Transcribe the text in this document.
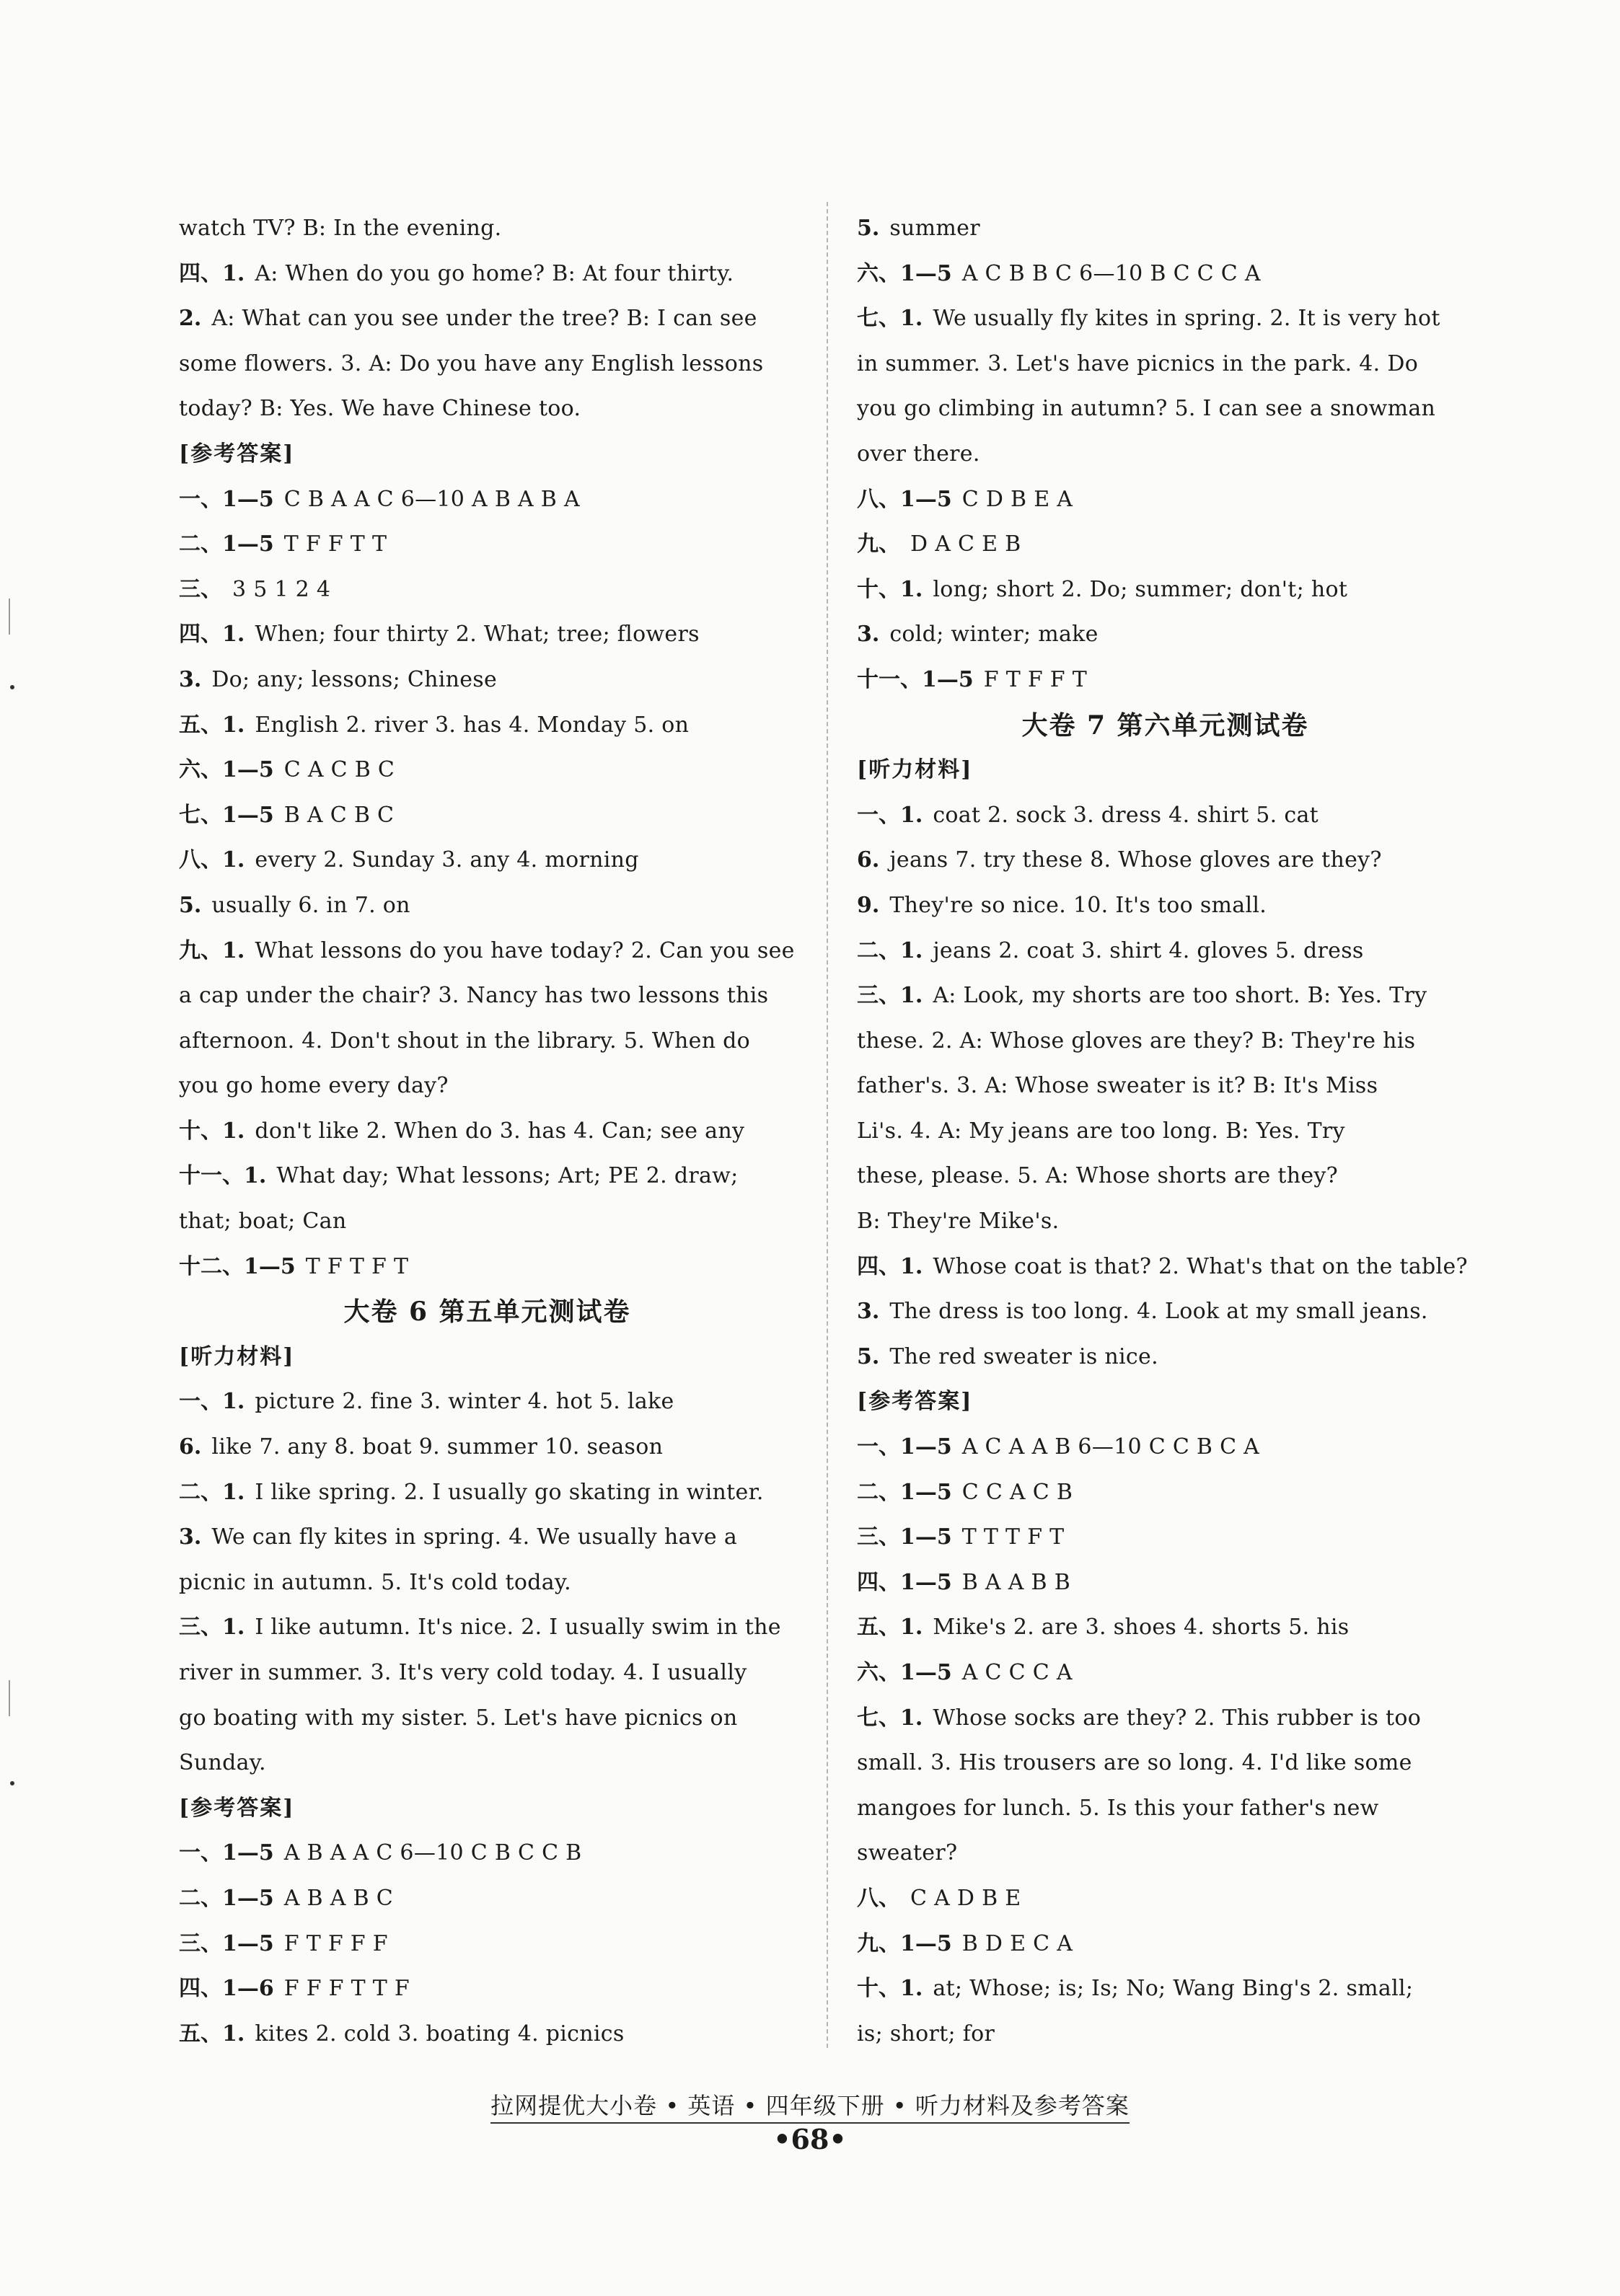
watch TV? B: In the evening.
四、1. A: When do you go home? B: At four thirty.
2. A: What can you see under the tree? B: I can see
some flowers. 3. A: Do you have any English lessons
today? B: Yes. We have Chinese too.
[参考答案]
一、1—5 C B A A C 6—10 A B A B A
二、1—5 T F F T T
三、 3 5 1 2 4
四、1. When; four thirty 2. What; tree; flowers
3. Do; any; lessons; Chinese
五、1. English 2. river 3. has 4. Monday 5. on
六、1—5 C A C B C
七、1—5 B A C B C
八、1. every 2. Sunday 3. any 4. morning
5. usually 6. in 7. on
九、1. What lessons do you have today? 2. Can you see
a cap under the chair? 3. Nancy has two lessons this
afternoon. 4. Don't shout in the library. 5. When do
you go home every day?
十、1. don't like 2. When do 3. has 4. Can; see any
十一、1. What day; What lessons; Art; PE 2. draw;
that; boat; Can
十二、1—5 T F T F T
大卷 6 第五单元测试卷
[听力材料]
一、1. picture 2. fine 3. winter 4. hot 5. lake
6. like 7. any 8. boat 9. summer 10. season
二、1. I like spring. 2. I usually go skating in winter.
3. We can fly kites in spring. 4. We usually have a
picnic in autumn. 5. It's cold today.
三、1. I like autumn. It's nice. 2. I usually swim in the
river in summer. 3. It's very cold today. 4. I usually
go boating with my sister. 5. Let's have picnics on
Sunday.
[参考答案]
一、1—5 A B A A C 6—10 C B C C B
二、1—5 A B A B C
三、1—5 F T F F F
四、1—6 F F F T T F
五、1. kites 2. cold 3. boating 4. picnics
5. summer
六、1—5 A C B B C 6—10 B C C C A
七、1. We usually fly kites in spring. 2. It is very hot
in summer. 3. Let's have picnics in the park. 4. Do
you go climbing in autumn? 5. I can see a snowman
over there.
八、1—5 C D B E A
九、 D A C E B
十、1. long; short 2. Do; summer; don't; hot
3. cold; winter; make
十一、1—5 F T F F T
大卷 7 第六单元测试卷
[听力材料]
一、1. coat 2. sock 3. dress 4. shirt 5. cat
6. jeans 7. try these 8. Whose gloves are they?
9. They're so nice. 10. It's too small.
二、1. jeans 2. coat 3. shirt 4. gloves 5. dress
三、1. A: Look, my shorts are too short. B: Yes. Try
these. 2. A: Whose gloves are they? B: They're his
father's. 3. A: Whose sweater is it? B: It's Miss
Li's. 4. A: My jeans are too long. B: Yes. Try
these, please. 5. A: Whose shorts are they?
B: They're Mike's.
四、1. Whose coat is that? 2. What's that on the table?
3. The dress is too long. 4. Look at my small jeans.
5. The red sweater is nice.
[参考答案]
一、1—5 A C A A B 6—10 C C B C A
二、1—5 C C A C B
三、1—5 T T T F T
四、1—5 B A A B B
五、1. Mike's 2. are 3. shoes 4. shorts 5. his
六、1—5 A C C C A
七、1. Whose socks are they? 2. This rubber is too
small. 3. His trousers are so long. 4. I'd like some
mangoes for lunch. 5. Is this your father's new
sweater?
八、 C A D B E
九、1—5 B D E C A
十、1. at; Whose; is; Is; No; Wang Bing's 2. small;
is; short; for
拉网提优大小卷 • 英语 • 四年级下册 • 听力材料及参考答案
•68•
